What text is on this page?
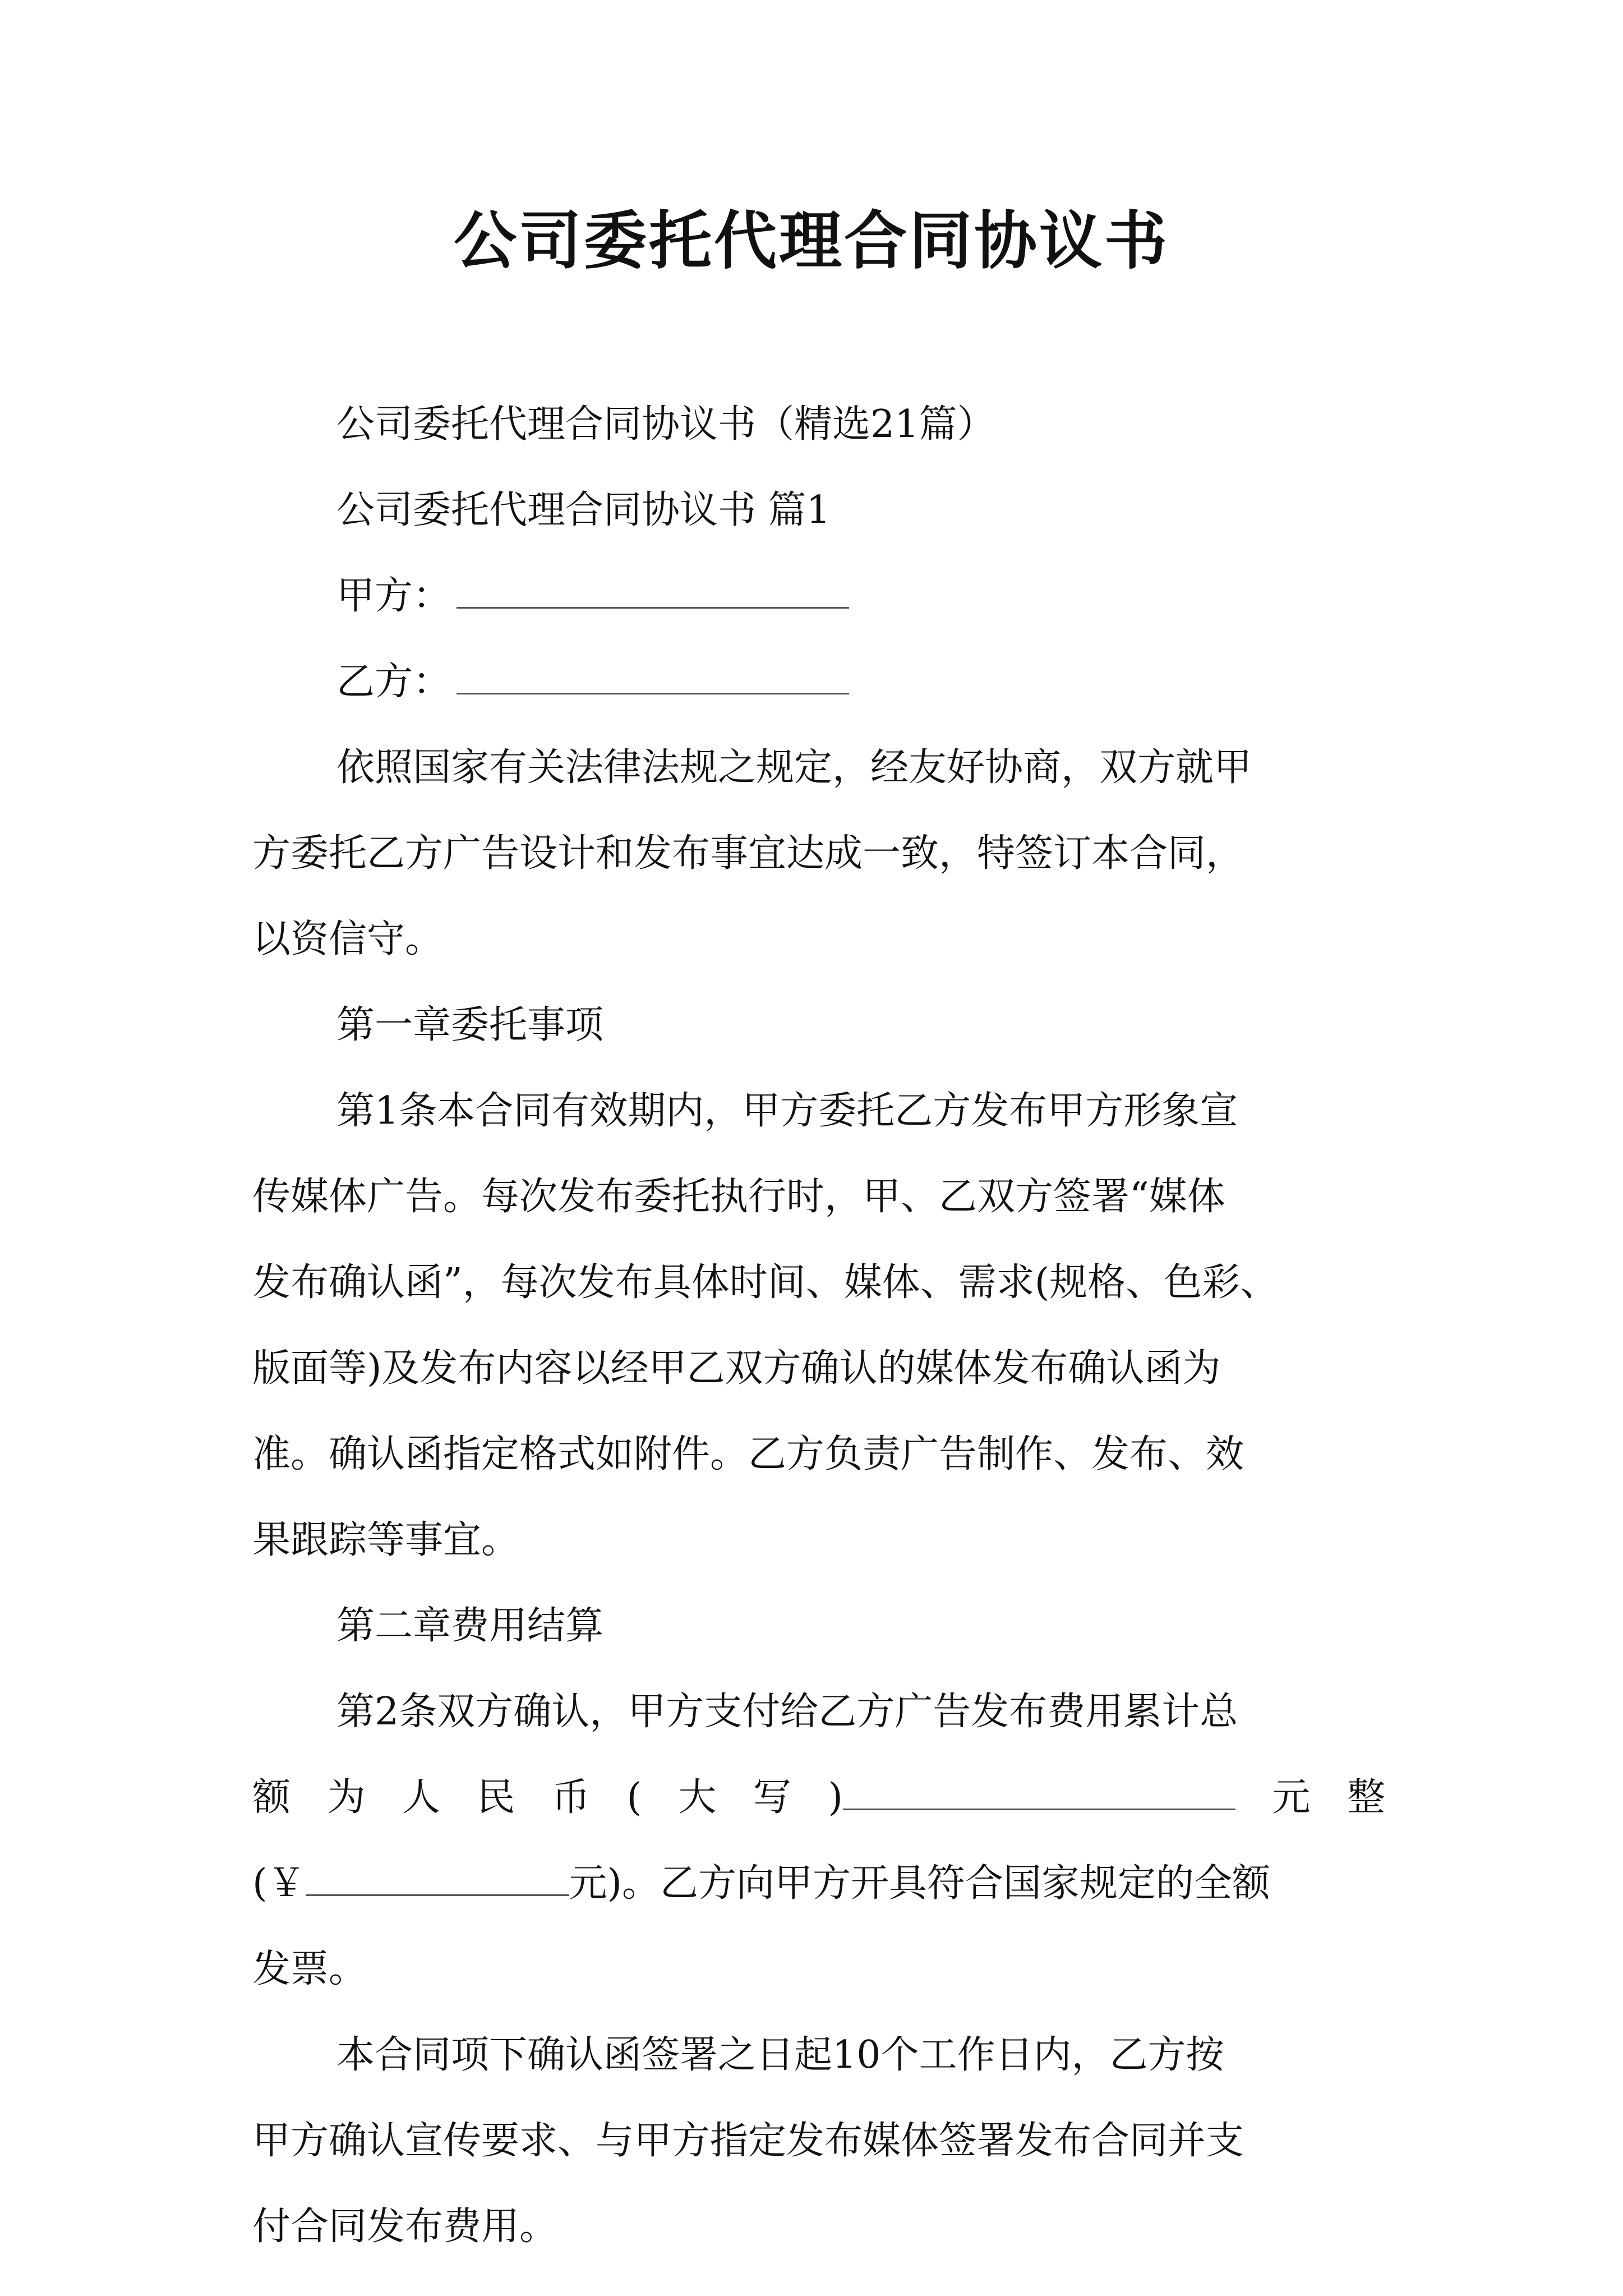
公司委托代理合同协议书
公司委托代理合同协议书（精选21篇）
公司委托代理合同协议书 篇1
甲方：
乙方：
依照国家有关法律法规之规定，经友好协商，双方就甲
方委托乙方广告设计和发布事宜达成一致，特签订本合同，
以资信守。
第一章委托事项
第1条本合同有效期内，甲方委托乙方发布甲方形象宣
传媒体广告。每次发布委托执行时，甲、乙双方签署“媒体
发布确认函”，每次发布具体时间、媒体、需求(规格、色彩、
版面等)及发布内容以经甲乙双方确认的媒体发布确认函为
准。确认函指定格式如附件。乙方负责广告制作、发布、效
果跟踪等事宜。
第二章费用结算
第2条双方确认，甲方支付给乙方广告发布费用累计总
额为人民币(大写)	元整
(￥	元)。乙方向甲方开具符合国家规定的全额
发票。
本合同项下确认函签署之日起10个工作日内，乙方按
甲方确认宣传要求、与甲方指定发布媒体签署发布合同并支
付合同发布费用。
